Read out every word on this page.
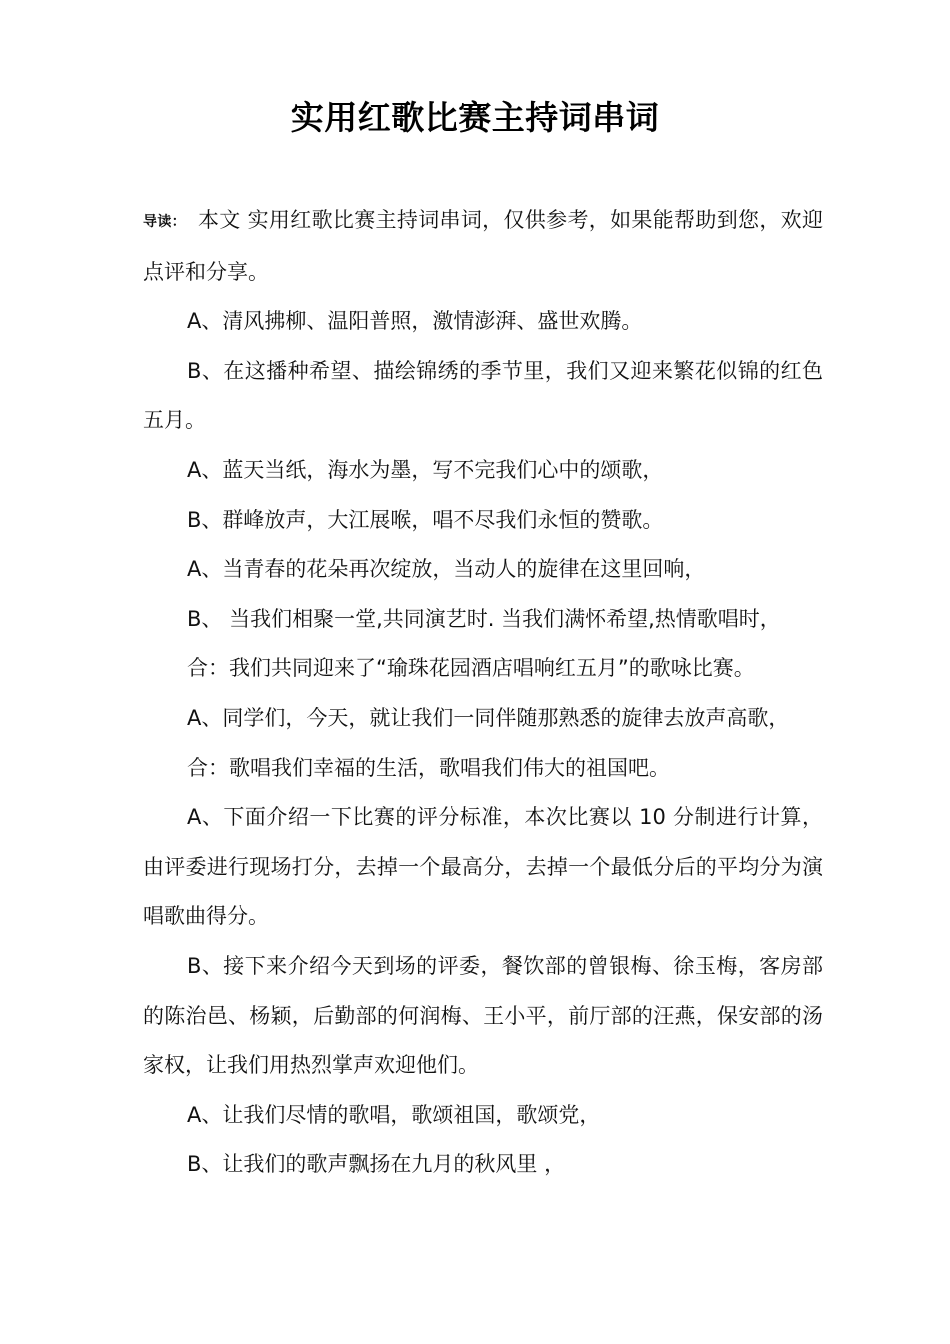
实用红歌比赛主持词串词

导读： 本文 实用红歌比赛主持词串词，仅供参考，如果能帮助到您，欢迎点评和分享。

A、清风拂柳、温阳普照，激情澎湃、盛世欢腾。

B、在这播种希望、描绘锦绣的季节里，我们又迎来繁花似锦的红色五月。

A、蓝天当纸，海水为墨，写不完我们心中的颂歌，

B、群峰放声，大江展喉，唱不尽我们永恒的赞歌。

A、当青春的花朵再次绽放，当动人的旋律在这里回响，

B、 当我们相聚一堂,共同演艺时. 当我们满怀希望,热情歌唱时，

合：我们共同迎来了“瑜珠花园酒店唱响红五月”的歌咏比赛。

A、同学们，今天，就让我们一同伴随那熟悉的旋律去放声高歌，

合：歌唱我们幸福的生活，歌唱我们伟大的祖国吧。

A、下面介绍一下比赛的评分标准，本次比赛以 10 分制进行计算，由评委进行现场打分，去掉一个最高分，去掉一个最低分后的平均分为演唱歌曲得分。

B、接下来介绍今天到场的评委，餐饮部的曾银梅、徐玉梅，客房部的陈治邑、杨颖，后勤部的何润梅、王小平，前厅部的汪燕，保安部的汤家权，让我们用热烈掌声欢迎他们。

A、让我们尽情的歌唱，歌颂祖国，歌颂党，

B、让我们的歌声飘扬在九月的秋风里 ，
